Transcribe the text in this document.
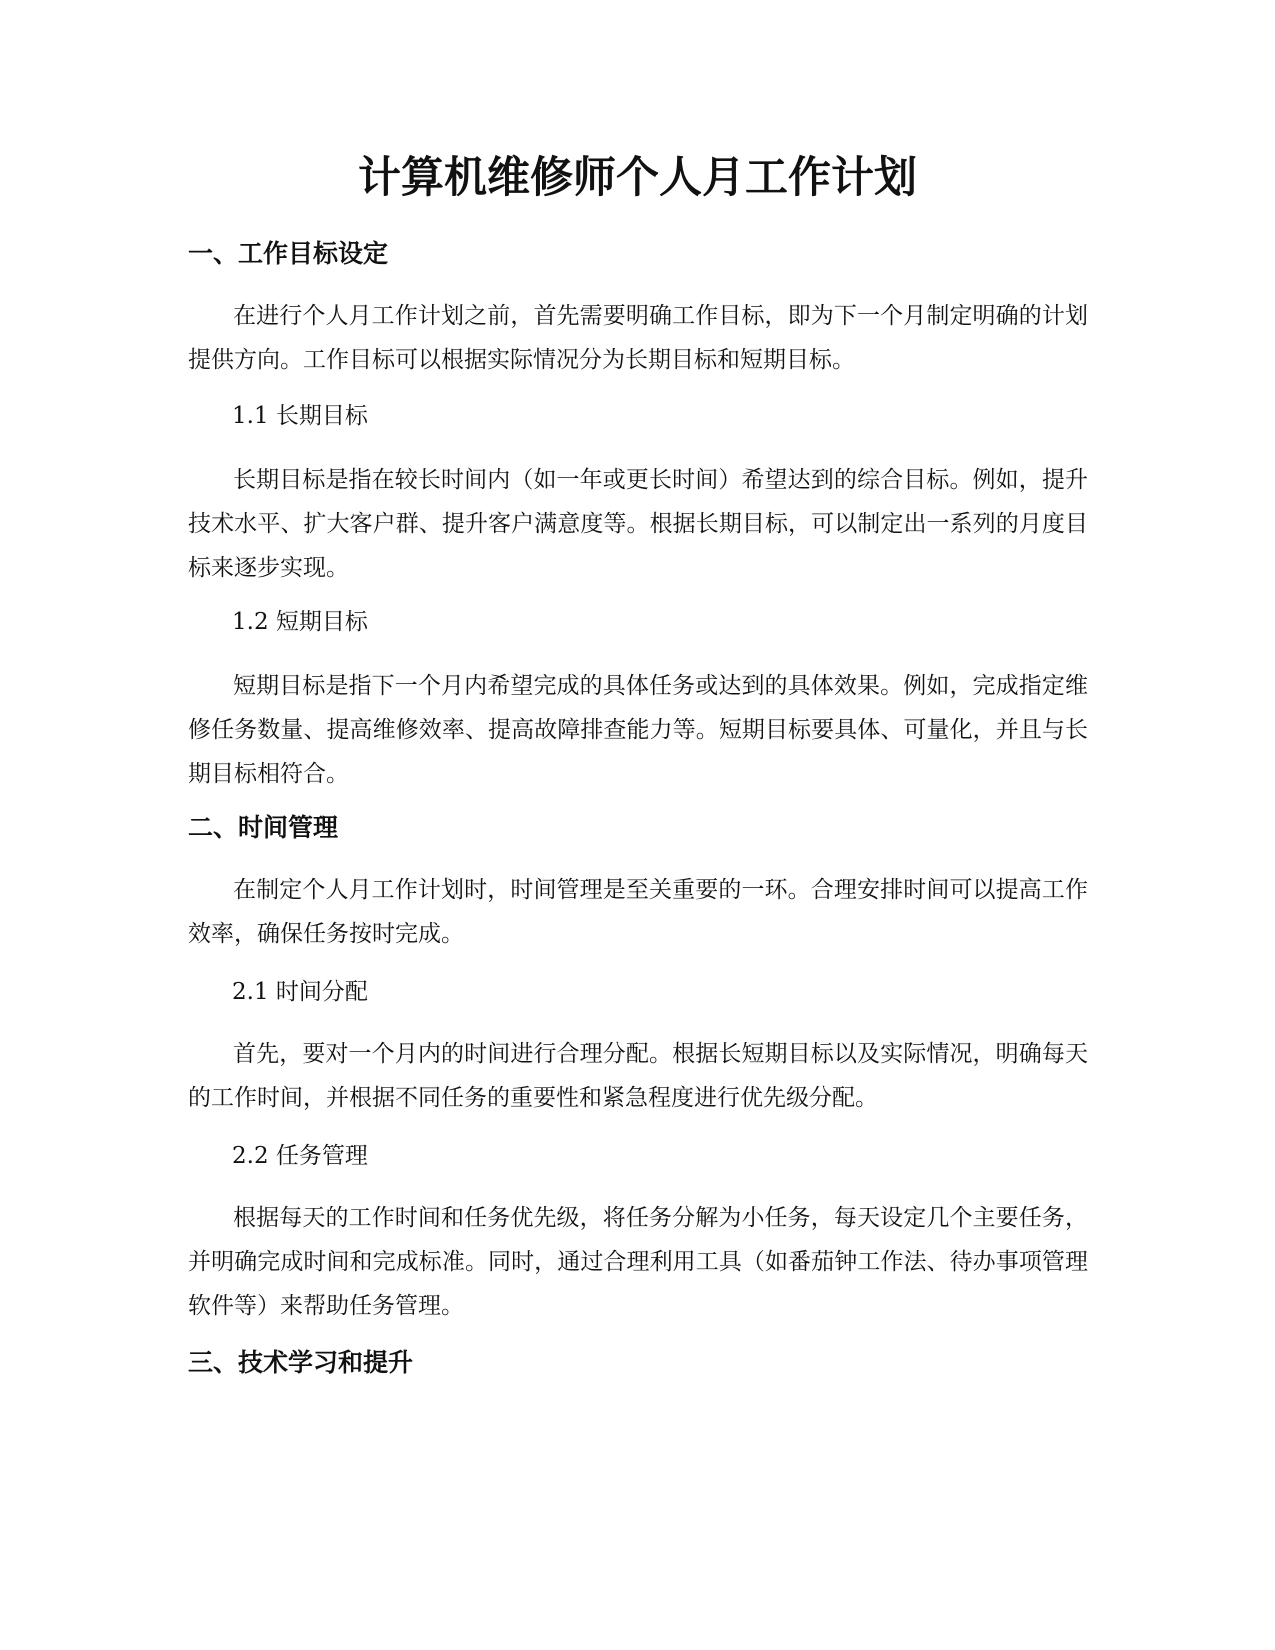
计算机维修师个人月工作计划
一、工作目标设定

在进行个人月工作计划之前，首先需要明确工作目标，即为下一个月制定明确的计划提供方向。工作目标可以根据实际情况分为长期目标和短期目标。

1.1 长期目标

长期目标是指在较长时间内（如一年或更长时间）希望达到的综合目标。例如，提升技术水平、扩大客户群、提升客户满意度等。根据长期目标，可以制定出一系列的月度目标来逐步实现。

1.2 短期目标

短期目标是指下一个月内希望完成的具体任务或达到的具体效果。例如，完成指定维修任务数量、提高维修效率、提高故障排查能力等。短期目标要具体、可量化，并且与长期目标相符合。

二、时间管理

在制定个人月工作计划时，时间管理是至关重要的一环。合理安排时间可以提高工作效率，确保任务按时完成。

2.1 时间分配

首先，要对一个月内的时间进行合理分配。根据长短期目标以及实际情况，明确每天的工作时间，并根据不同任务的重要性和紧急程度进行优先级分配。

2.2 任务管理

根据每天的工作时间和任务优先级，将任务分解为小任务，每天设定几个主要任务，并明确完成时间和完成标准。同时，通过合理利用工具（如番茄钟工作法、待办事项管理软件等）来帮助任务管理。

三、技术学习和提升
